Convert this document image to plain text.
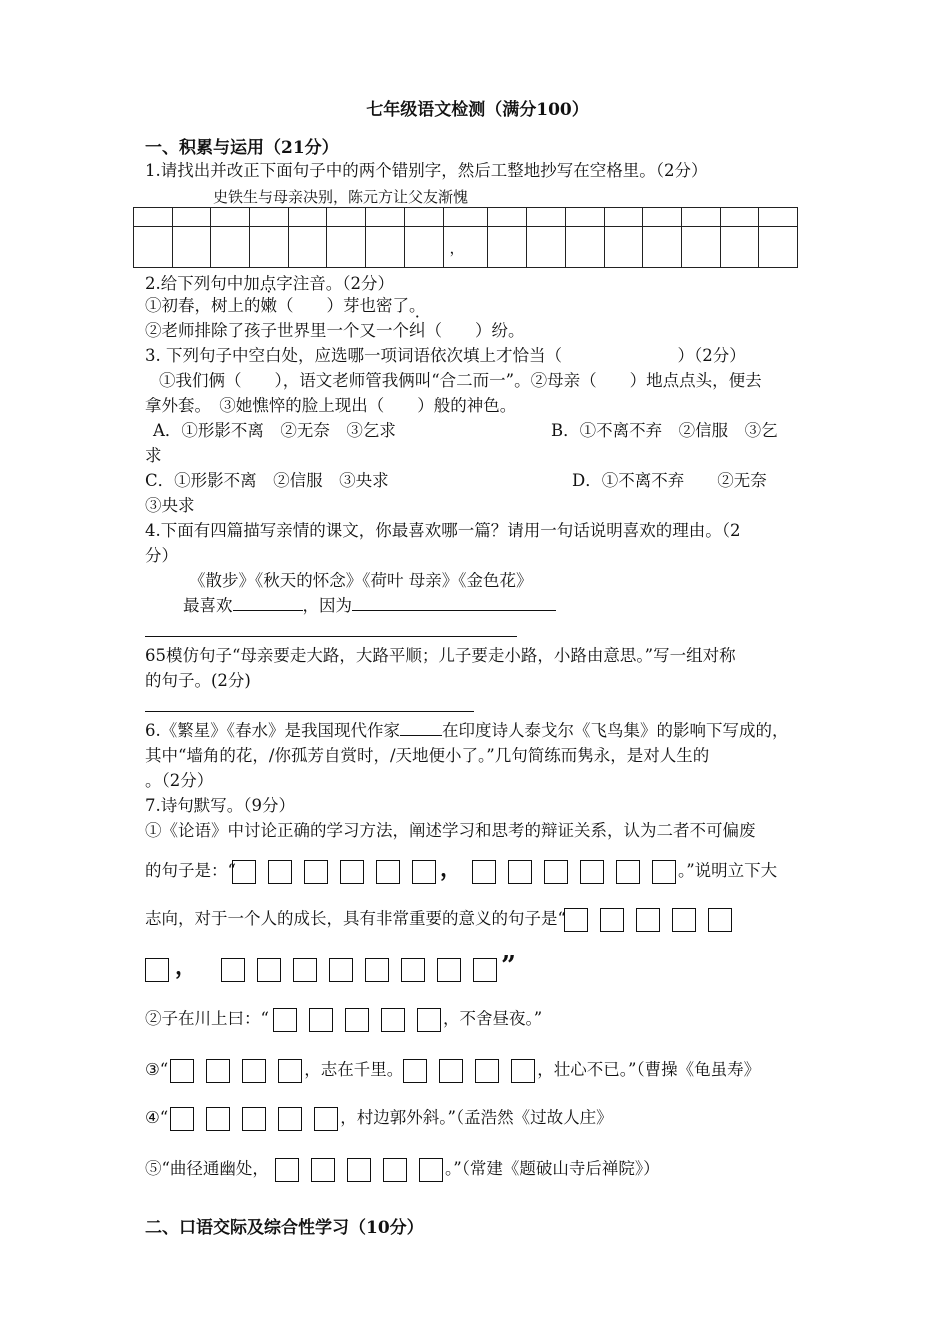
七年级语文检测（满分100）
一、积累与运用（21分）
1.请找出并改正下面句子中的两个错别字，然后工整地抄写在空格里。（2分）
史铁生与母亲决别，陈元方让父友渐愧

								，								
2.给下列句中加点字注音。（2分）
①初春，树上的嫩（　　）芽也密了。
②老师排除了孩子世界里一个又一个纠（　　）纷。
3. 下列句子中空白处，应选哪一项词语依次填上才恰当（　　　　　　　）（2分）
①我们俩（　　），语文老师管我俩叫“合二而一”。②母亲（　　）地点点头，便去
拿外套。　③她憔悴的脸上现出（　　）般的神色。
A．①形影不离　②无奈　③乞求	B．①不离不弃　②信服　③乞
求
C．①形影不离　②信服　③央求	D．①不离不弃　　②无奈
③央求
4.下面有四篇描写亲情的课文，你最喜欢哪一篇？请用一句话说明喜欢的理由。（2
分）
《散步》《秋天的怀念》《荷叶 母亲》《金色花》
最喜欢	，因为
65模仿句子“母亲要走大路，大路平顺；儿子要走小路，小路由意思。”写一组对称
的句子。(2分)
6.《繁星》《春水》是我国现代作家	在印度诗人泰戈尔《飞鸟集》的影响下写成的，
其中“墙角的花，/你孤芳自赏时，/天地便小了。”几句简练而隽永，是对人生的
。（2分）
7.诗句默写。（9分）
①《论语》中讨论正确的学习方法，阐述学习和思考的辩证关系，认为二者不可偏废
的句子是：“	，	。”说明立下大
志向，对于一个人的成长，具有非常重要的意义的句子是“
，	”
②子在川上曰：“	，不舍昼夜。”
③“	，志在千里。	，壮心不已。”（曹操《龟虽寿》
④“	，村边郭外斜。”（孟浩然《过故人庄》
⑤“曲径通幽处，	。”（常建《题破山寺后禅院》）
二、口语交际及综合性学习（10分）
